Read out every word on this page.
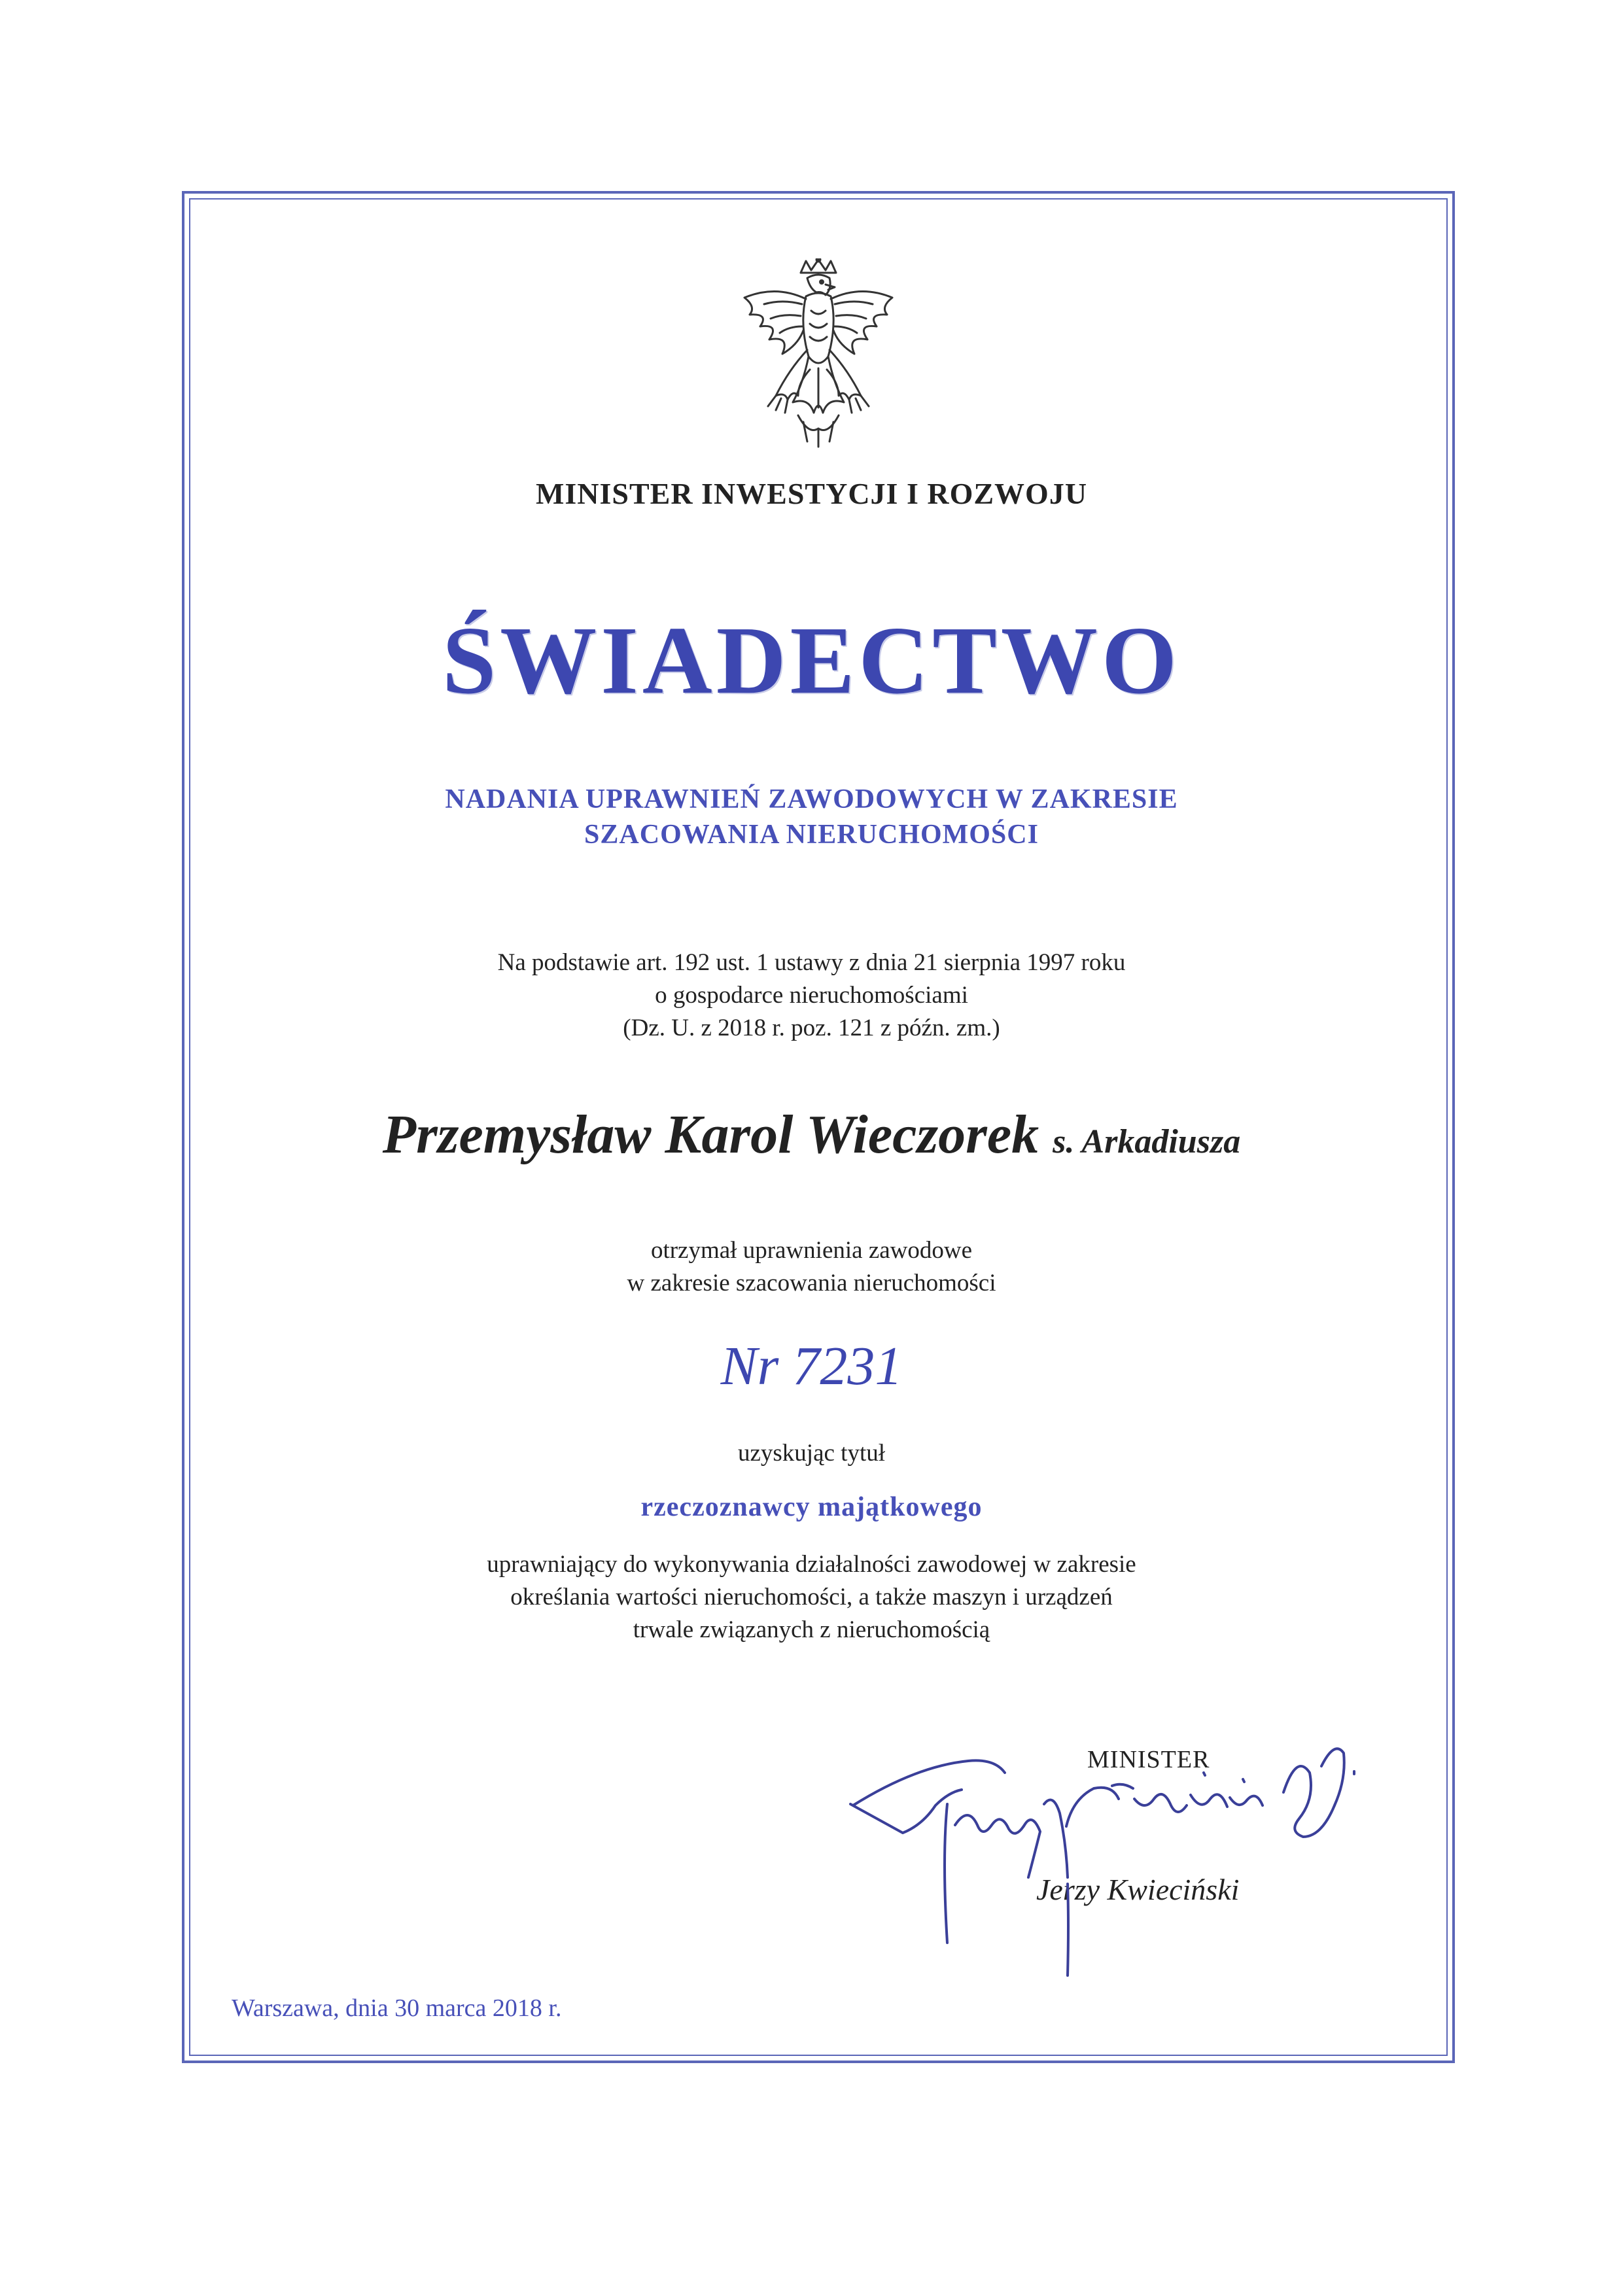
MINISTER INWESTYCJI I ROZWOJU
ŚWIADECTWO
NADANIA UPRAWNIEŃ ZAWODOWYCH W ZAKRESIE
SZACOWANIA NIERUCHOMOŚCI
Na podstawie art. 192 ust. 1 ustawy z dnia 21 sierpnia 1997 roku
o gospodarce nieruchomościami
(Dz. U. z 2018 r. poz. 121 z późn. zm.)
Przemysław Karol Wieczorek s. Arkadiusza
otrzymał uprawnienia zawodowe
w zakresie szacowania nieruchomości
Nr 7231
uzyskując tytuł
rzeczoznawcy majątkowego
uprawniający do wykonywania działalności zawodowej w zakresie
określania wartości nieruchomości, a także maszyn i urządzeń
trwale związanych z nieruchomością
MINISTER
Jerzy Kwieciński
Warszawa, dnia 30 marca 2018 r.
